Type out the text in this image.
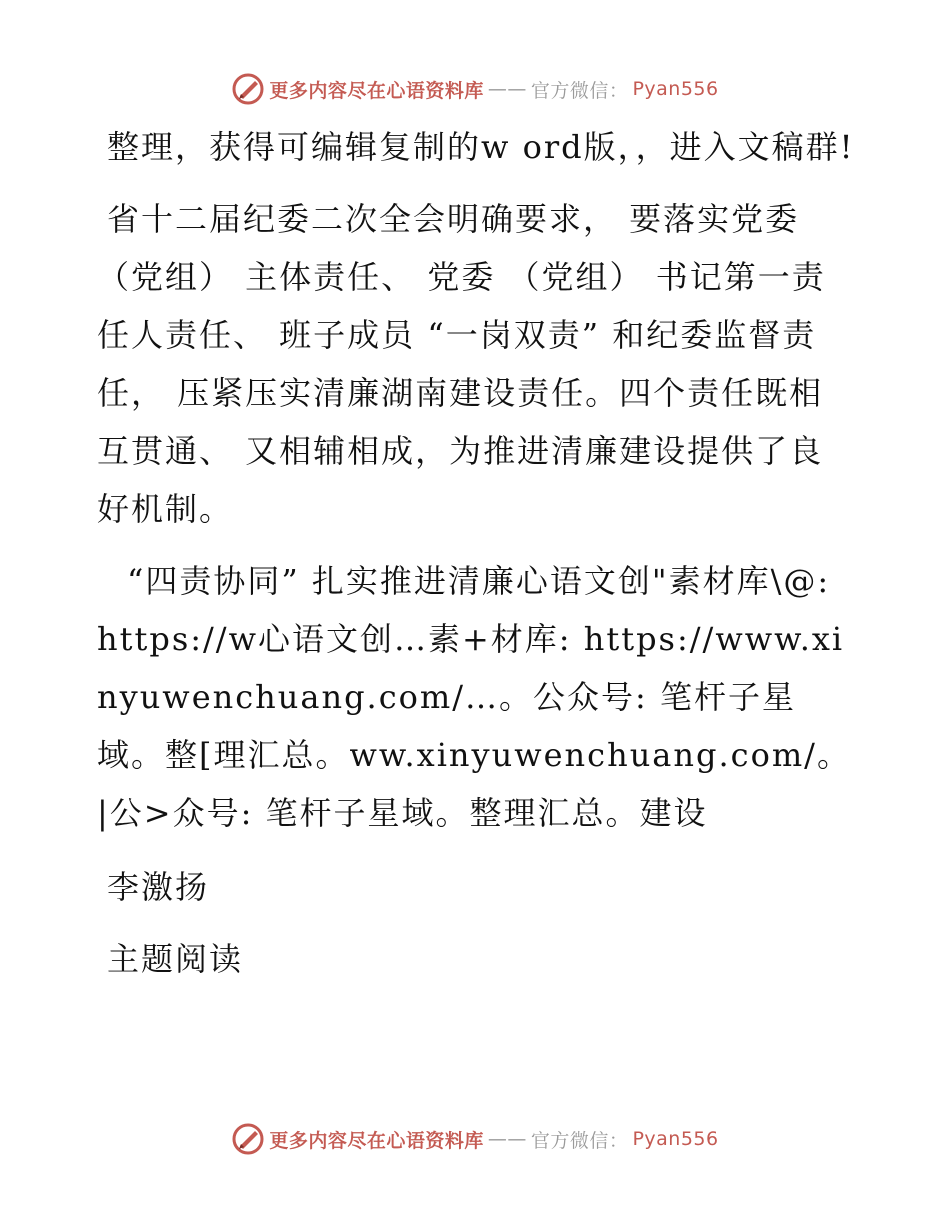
更多内容尽在心语资料库 —— 官方微信： Pyan556

整理，获得可编辑复制的w ord版，，进入文稿群!

省十二届纪委二次全会明确要求， 要落实党委（党组） 主体责任、 党委 （党组） 书记第一责任人责任、 班子成员 “一岗双责” 和纪委监督责任， 压紧压实清廉湖南建设责任。四个责任既相互贯通、 又相辅相成，为推进清廉建设提供了良好机制。

“四责协同” 扎实推进清廉心语文创"素材库\@: https://w心语文创…素+材库: https://www.xinyuwenchuang.com/…。公众号: 笔杆子星域。整[理汇总。ww.xinyuwenchuang.com/。|公>众号: 笔杆子星域。整理汇总。建设

李激扬

主题阅读

更多内容尽在心语资料库 —— 官方微信： Pyan556
